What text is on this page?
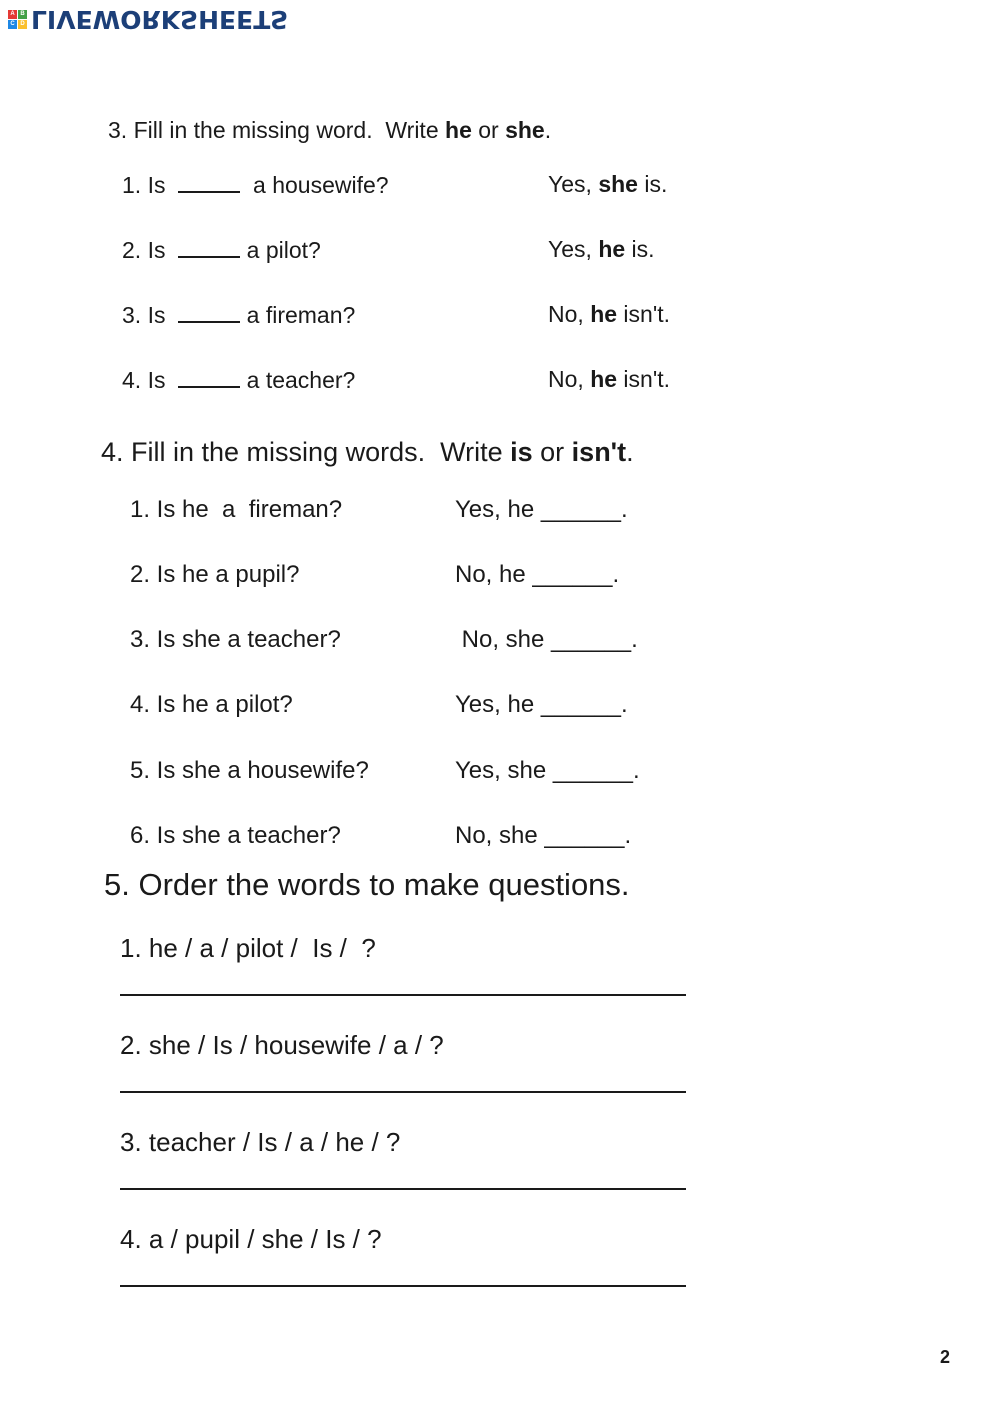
A B
C D LIVEWORKSHEETS
3. Fill in the missing word.  Write he or she.
1. Is	a housewife?	Yes, she is.
2. Is	a pilot?	Yes, he is.
3. Is	a fireman?	No, he isn't.
4. Is	a teacher?	No, he isn't.
4. Fill in the missing words.  Write is or isn't.
1. Is he  a  fireman?	Yes, he ______.
2. Is he a pupil?	No, he ______.
3. Is she a teacher?	No, she ______.
4. Is he a pilot?	Yes, he ______.
5. Is she a housewife?	Yes, she ______.
6. Is she a teacher?	No, she ______.
5. Order the words to make questions.
1. he / a / pilot /  Is /  ?
2. she / Is / housewife / a / ?
3. teacher / Is / a / he / ?
4. a / pupil / she / Is / ?
2
